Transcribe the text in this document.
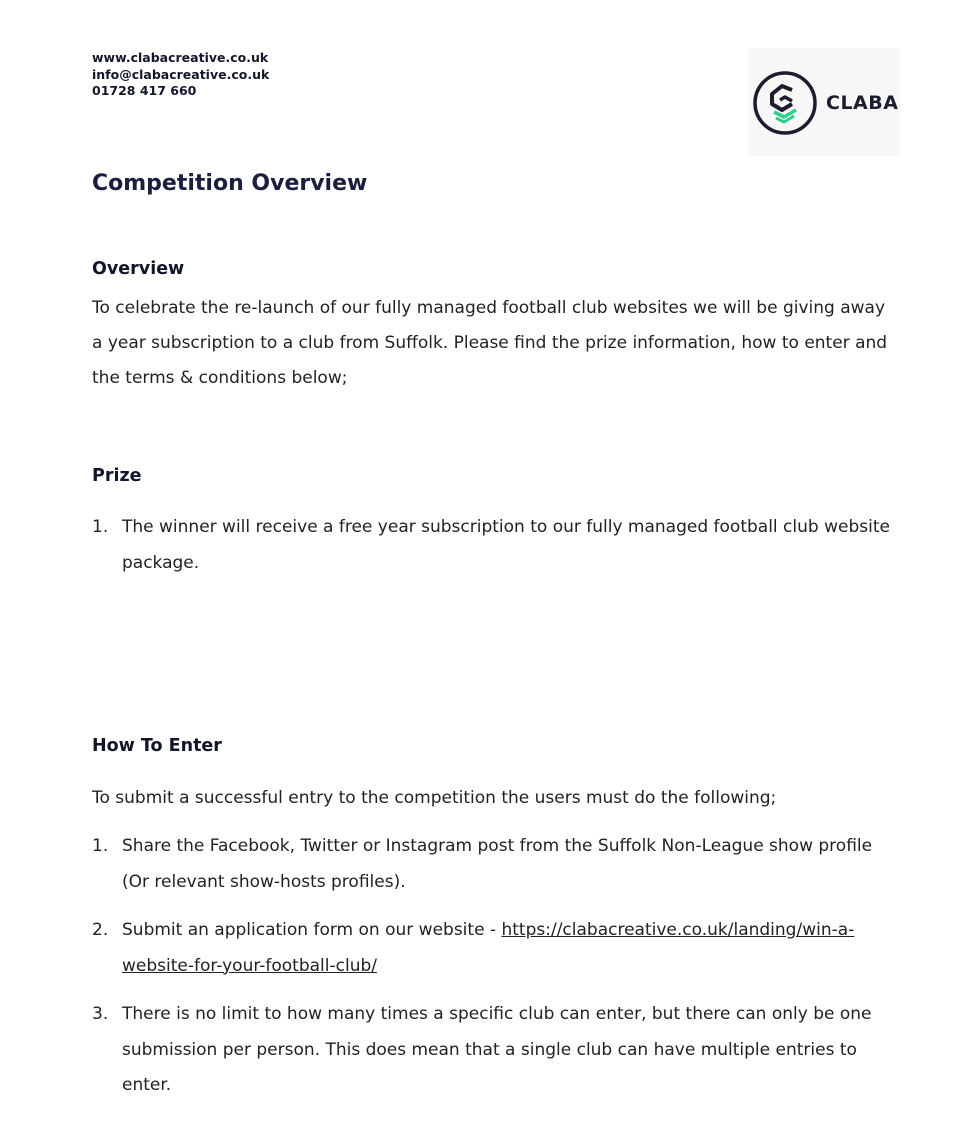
www.clabacreative.co.uk
info@clabacreative.co.uk
01728 417 660
CLABA
Competition Overview
Overview
To celebrate the re-launch of our fully managed football club websites we will be giving away a year subscription to a club from Suffolk. Please find the prize information, how to enter and the terms & conditions below;
Prize
1. The winner will receive a free year subscription to our fully managed football club website package.
How To Enter
To submit a successful entry to the competition the users must do the following;
1. Share the Facebook, Twitter or Instagram post from the Suffolk Non-League show profile (Or relevant show-hosts profiles).
2. Submit an application form on our website - https://clabacreative.co.uk/landing/win-a-website-for-your-football-club/
3. There is no limit to how many times a specific club can enter, but there can only be one submission per person. This does mean that a single club can have multiple entries to enter.
